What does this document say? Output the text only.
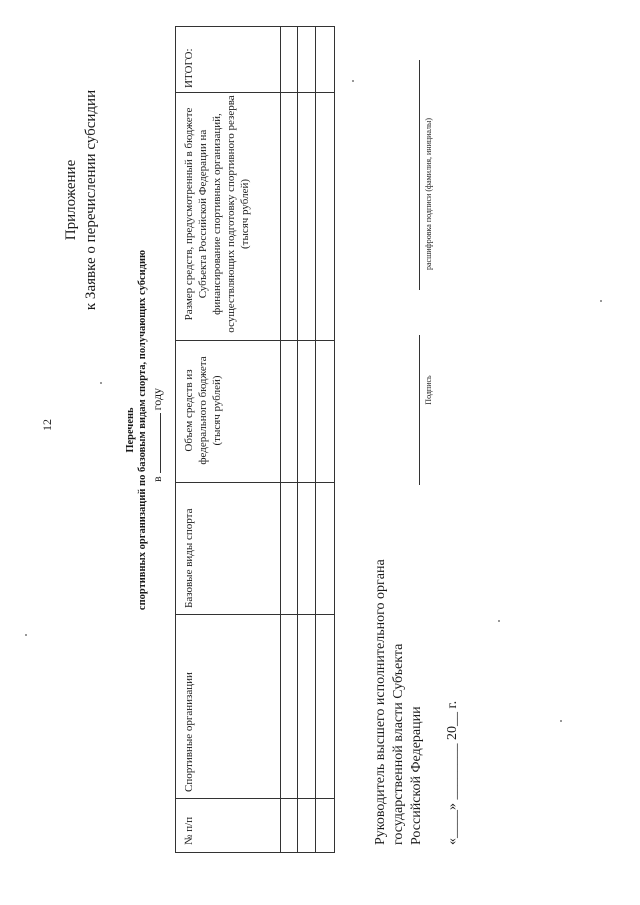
Приложение к Заявке о перечислении субсидии
12	Перечень спортивных организаций по базовым видам спорта, получающих субсидию в  году
№ п/п
Спортивные организации
Базовые виды спорта
Объем средств из федерального бюджета (тысяч рублей)
Размер средств, предусмотренный в бюджете Субъекта Российской Федерации на финансирование спортивных организаций, осуществляющих подготовку спортивного резерва (тысяч рублей)
ИТОГО:
Руководитель высшего исполнительного органа государственной власти Субъекта Российской Федерации «____» ________ 20__ г.
Подпись
расшифровка подписи (фамилия, инициалы)
